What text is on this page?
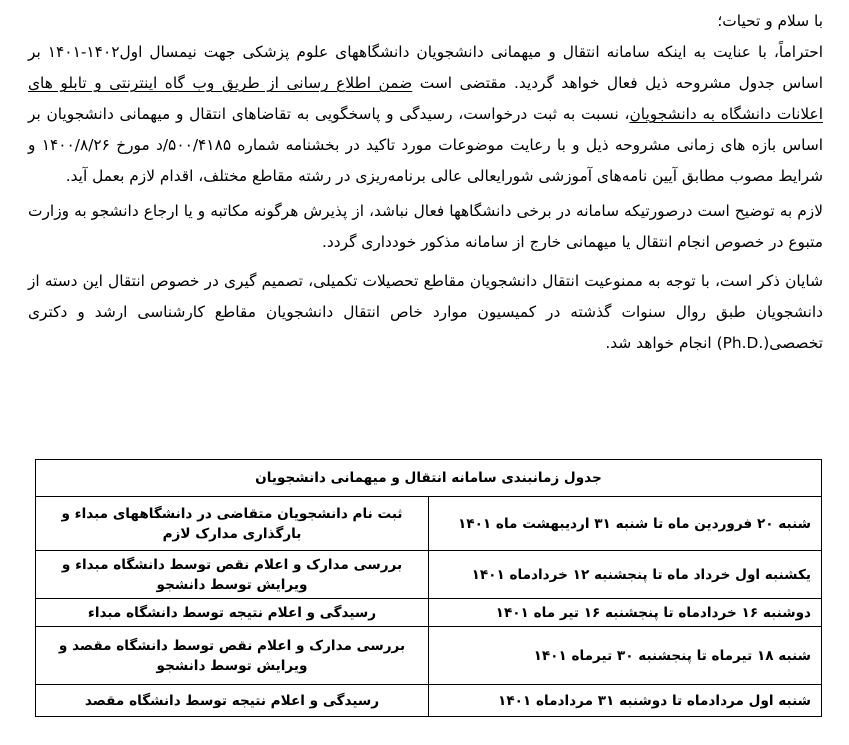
با سلام و تحیات؛

احتراماً، با عنایت به اینکه سامانه انتقال و میهمانی دانشجویان دانشگاههای علوم پزشکی جهت نیمسال اول۱۴۰۲-۱۴۰۱ بر اساس جدول مشروحه ذیل فعال خواهد گردید. مقتضی است ضمن اطلاع رسانی از طریق وب گاه اینترنتی و تابلو های اعلانات دانشگاه به دانشجویان، نسبت به ثبت درخواست، رسیدگی و پاسخگویی به تقاضاهای انتقال و میهمانی دانشجویان بر اساس بازه های زمانی مشروحه ذیل و با رعایت موضوعات مورد تاکید در بخشنامه شماره ۵۰۰/۴۱۸۵/د مورخ ۱۴۰۰/۸/۲۶ و شرایط مصوب مطابق آیین نامه‌های آموزشی شورایعالی عالی برنامه‌ریزی در رشته مقاطع مختلف، اقدام لازم بعمل آید.

لازم به توضیح است درصورتیکه سامانه در برخی دانشگاهها فعال نباشد، از پذیرش هرگونه مکاتبه و یا ارجاع دانشجو به وزارت متبوع در خصوص انجام انتقال یا میهمانی خارج از سامانه مذکور خودداری گردد.

شایان ذکر است، با توجه به ممنوعیت انتقال دانشجویان مقاطع تحصیلات تکمیلی، تصمیم گیری در خصوص انتقال این دسته از دانشجویان طبق روال سنوات گذشته در کمیسیون موارد خاص انتقال دانشجویان مقاطع کارشناسی ارشد و دکتری تخصصی(.Ph.D) انجام خواهد شد.

جدول زمانبندی سامانه انتقال و میهمانی دانشجویان	
شنبه ۲۰ فروردین ماه تا شنبه ۳۱ اردیبهشت ماه ۱۴۰۱	ثبت نام دانشجویان متقاضی در دانشگاههای مبداء و بارگذاری مدارک لازم
یکشنبه اول خرداد ماه تا پنجشنبه ۱۲ خردادماه ۱۴۰۱	بررسی مدارک و اعلام نقص توسط دانشگاه مبداء و ویرایش توسط دانشجو
دوشنبه ۱۶ خردادماه تا پنجشنبه ۱۶ تیر ماه ۱۴۰۱	رسیدگی و اعلام نتیجه توسط دانشگاه مبداء
شنبه ۱۸ تیرماه تا پنجشنبه ۳۰ تیرماه ۱۴۰۱	بررسی مدارک و اعلام نقص توسط دانشگاه مقصد و ویرایش توسط دانشجو
شنبه اول مردادماه تا دوشنبه ۳۱ مردادماه ۱۴۰۱	رسیدگی و اعلام نتیجه توسط دانشگاه مقصد
